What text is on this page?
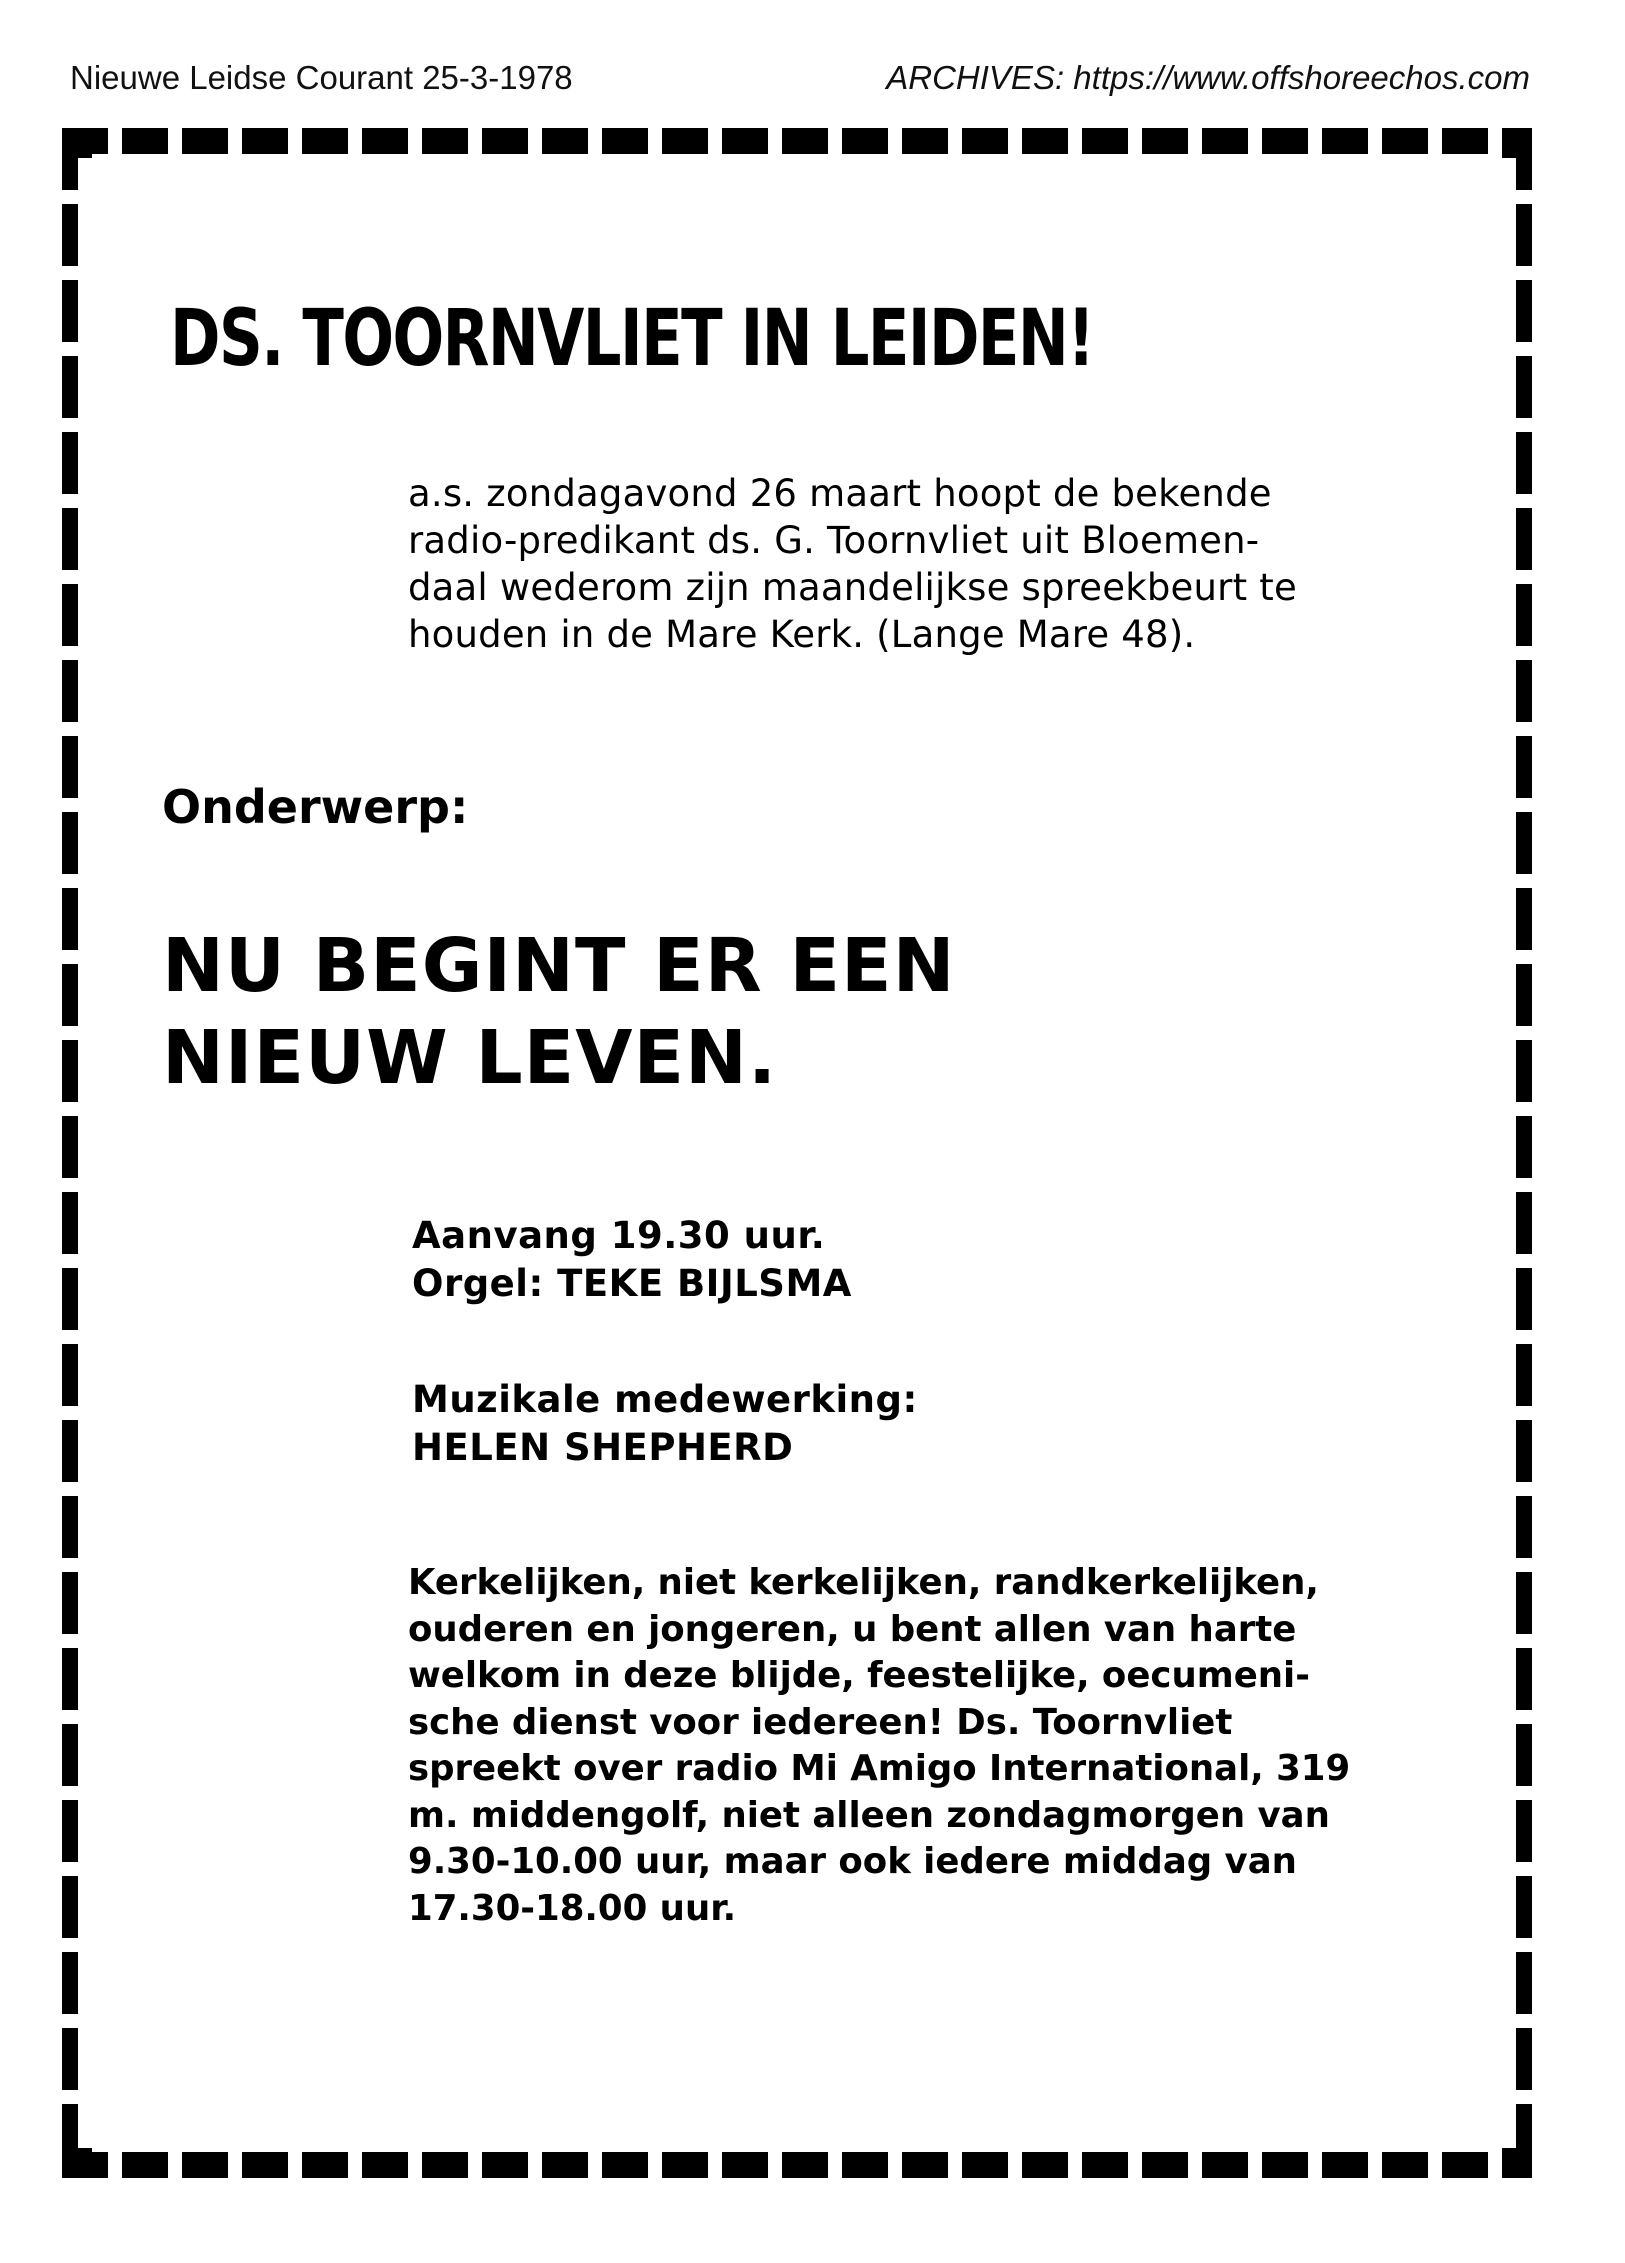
Nieuwe Leidse Courant 25-3-1978	ARCHIVES: https://www.offshoreechos.com
DS. TOORNVLIET IN LEIDEN!
a.s. zondagavond 26 maart hoopt de bekende
radio-predikant ds. G. Toornvliet uit Bloemen-
daal wederom zijn maandelijkse spreekbeurt te
houden in de Mare Kerk. (Lange Mare 48).
Onderwerp:
NU BEGINT ER EEN
NIEUW LEVEN.
Aanvang 19.30 uur.
Orgel: TEKE BIJLSMA
Muzikale medewerking:
HELEN SHEPHERD
Kerkelijken, niet kerkelijken, randkerkelijken,
ouderen en jongeren, u bent allen van harte
welkom in deze blijde, feestelijke, oecumeni-
sche dienst voor iedereen! Ds. Toornvliet
spreekt over radio Mi Amigo International, 319
m. middengolf, niet alleen zondagmorgen van
9.30-10.00 uur, maar ook iedere middag van
17.30-18.00 uur.
